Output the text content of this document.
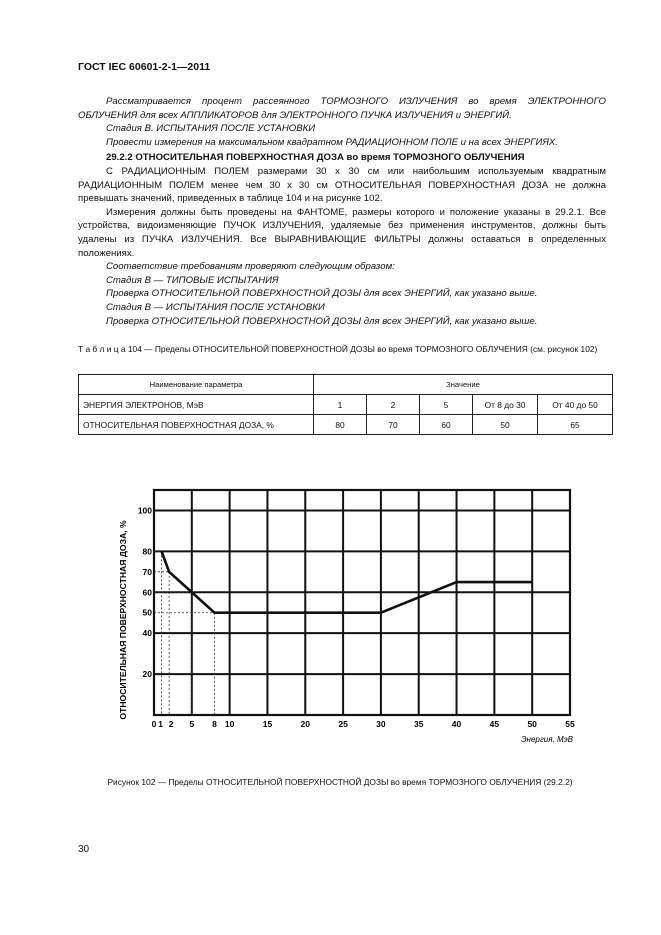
ГОСТ IEC 60601-2-1—2011

Рассматривается процент рассеянного ТОРМОЗНОГО ИЗЛУЧЕНИЯ во время ЭЛЕКТРОННОГО ОБЛУЧЕНИЯ для всех АППЛИКАТОРОВ для ЭЛЕКТРОННОГО ПУЧКА ИЗЛУЧЕНИЯ и ЭНЕРГИЙ.

Стадия В. ИСПЫТАНИЯ ПОСЛЕ УСТАНОВКИ

Провести измерения на максимальном квадратном РАДИАЦИОННОМ ПОЛЕ и на всех ЭНЕРГИЯХ.

29.2.2 ОТНОСИТЕЛЬНАЯ ПОВЕРХНОСТНАЯ ДОЗА во время ТОРМОЗНОГО ОБЛУЧЕНИЯ

С РАДИАЦИОННЫМ ПОЛЕМ размерами 30 х 30 см или наибольшим используемым квадратным РАДИАЦИОННЫМ ПОЛЕМ менее чем 30 х 30 см ОТНОСИТЕЛЬНАЯ ПОВЕРХНОСТНАЯ ДОЗА не должна превышать значений, приведенных в таблице 104 и на рисунке 102.

Измерения должны быть проведены на ФАНТОМЕ, размеры которого и положение указаны в 29.2.1. Все устройства, видоизменяющие ПУЧОК ИЗЛУЧЕНИЯ, удаляемые без применения инструментов, должны быть удалены из ПУЧКА ИЗЛУЧЕНИЯ. Все ВЫРАВНИВАЮЩИЕ ФИЛЬТРЫ должны оставаться в определенных положениях.

Соответствие требованиям проверяют следующим образом:

Стадия В — ТИПОВЫЕ ИСПЫТАНИЯ

Проверка ОТНОСИТЕЛЬНОЙ ПОВЕРХНОСТНОЙ ДОЗЫ для всех ЭНЕРГИЙ, как указано выше.

Стадия В — ИСПЫТАНИЯ ПОСЛЕ УСТАНОВКИ

Проверка ОТНОСИТЕЛЬНОЙ ПОВЕРХНОСТНОЙ ДОЗЫ для всех ЭНЕРГИЙ, как указано выше.

Т а б л и ц а 104 — Пределы ОТНОСИТЕЛЬНОЙ ПОВЕРХНОСТНОЙ ДОЗЫ во время ТОРМОЗНОГО ОБЛУЧЕНИЯ (см. рисунок 102)
Наименование параметра	Значение				
ЭНЕРГИЯ ЭЛЕКТРОНОВ, МэВ	1	2	5	От 8 до 30	От 40 до 50
ОТНОСИТЕЛЬНАЯ ПОВЕРХНОСТНАЯ ДОЗА, %	80	70	60	50	65
0 1 2 5 8 10	15	20	25	30	35	40	45	50	55
20
40
50
60
70
80
100
Энергия, МэВ
ОТНОСИТЕЛЬНАЯ ПОВЕРХНОСТНАЯ ДОЗА, %
Рисунок 102 — Пределы ОТНОСИТЕЛЬНОЙ ПОВЕРХНОСТНОЙ ДОЗЫ во время ТОРМОЗНОГО ОБЛУЧЕНИЯ (29.2.2)
30
